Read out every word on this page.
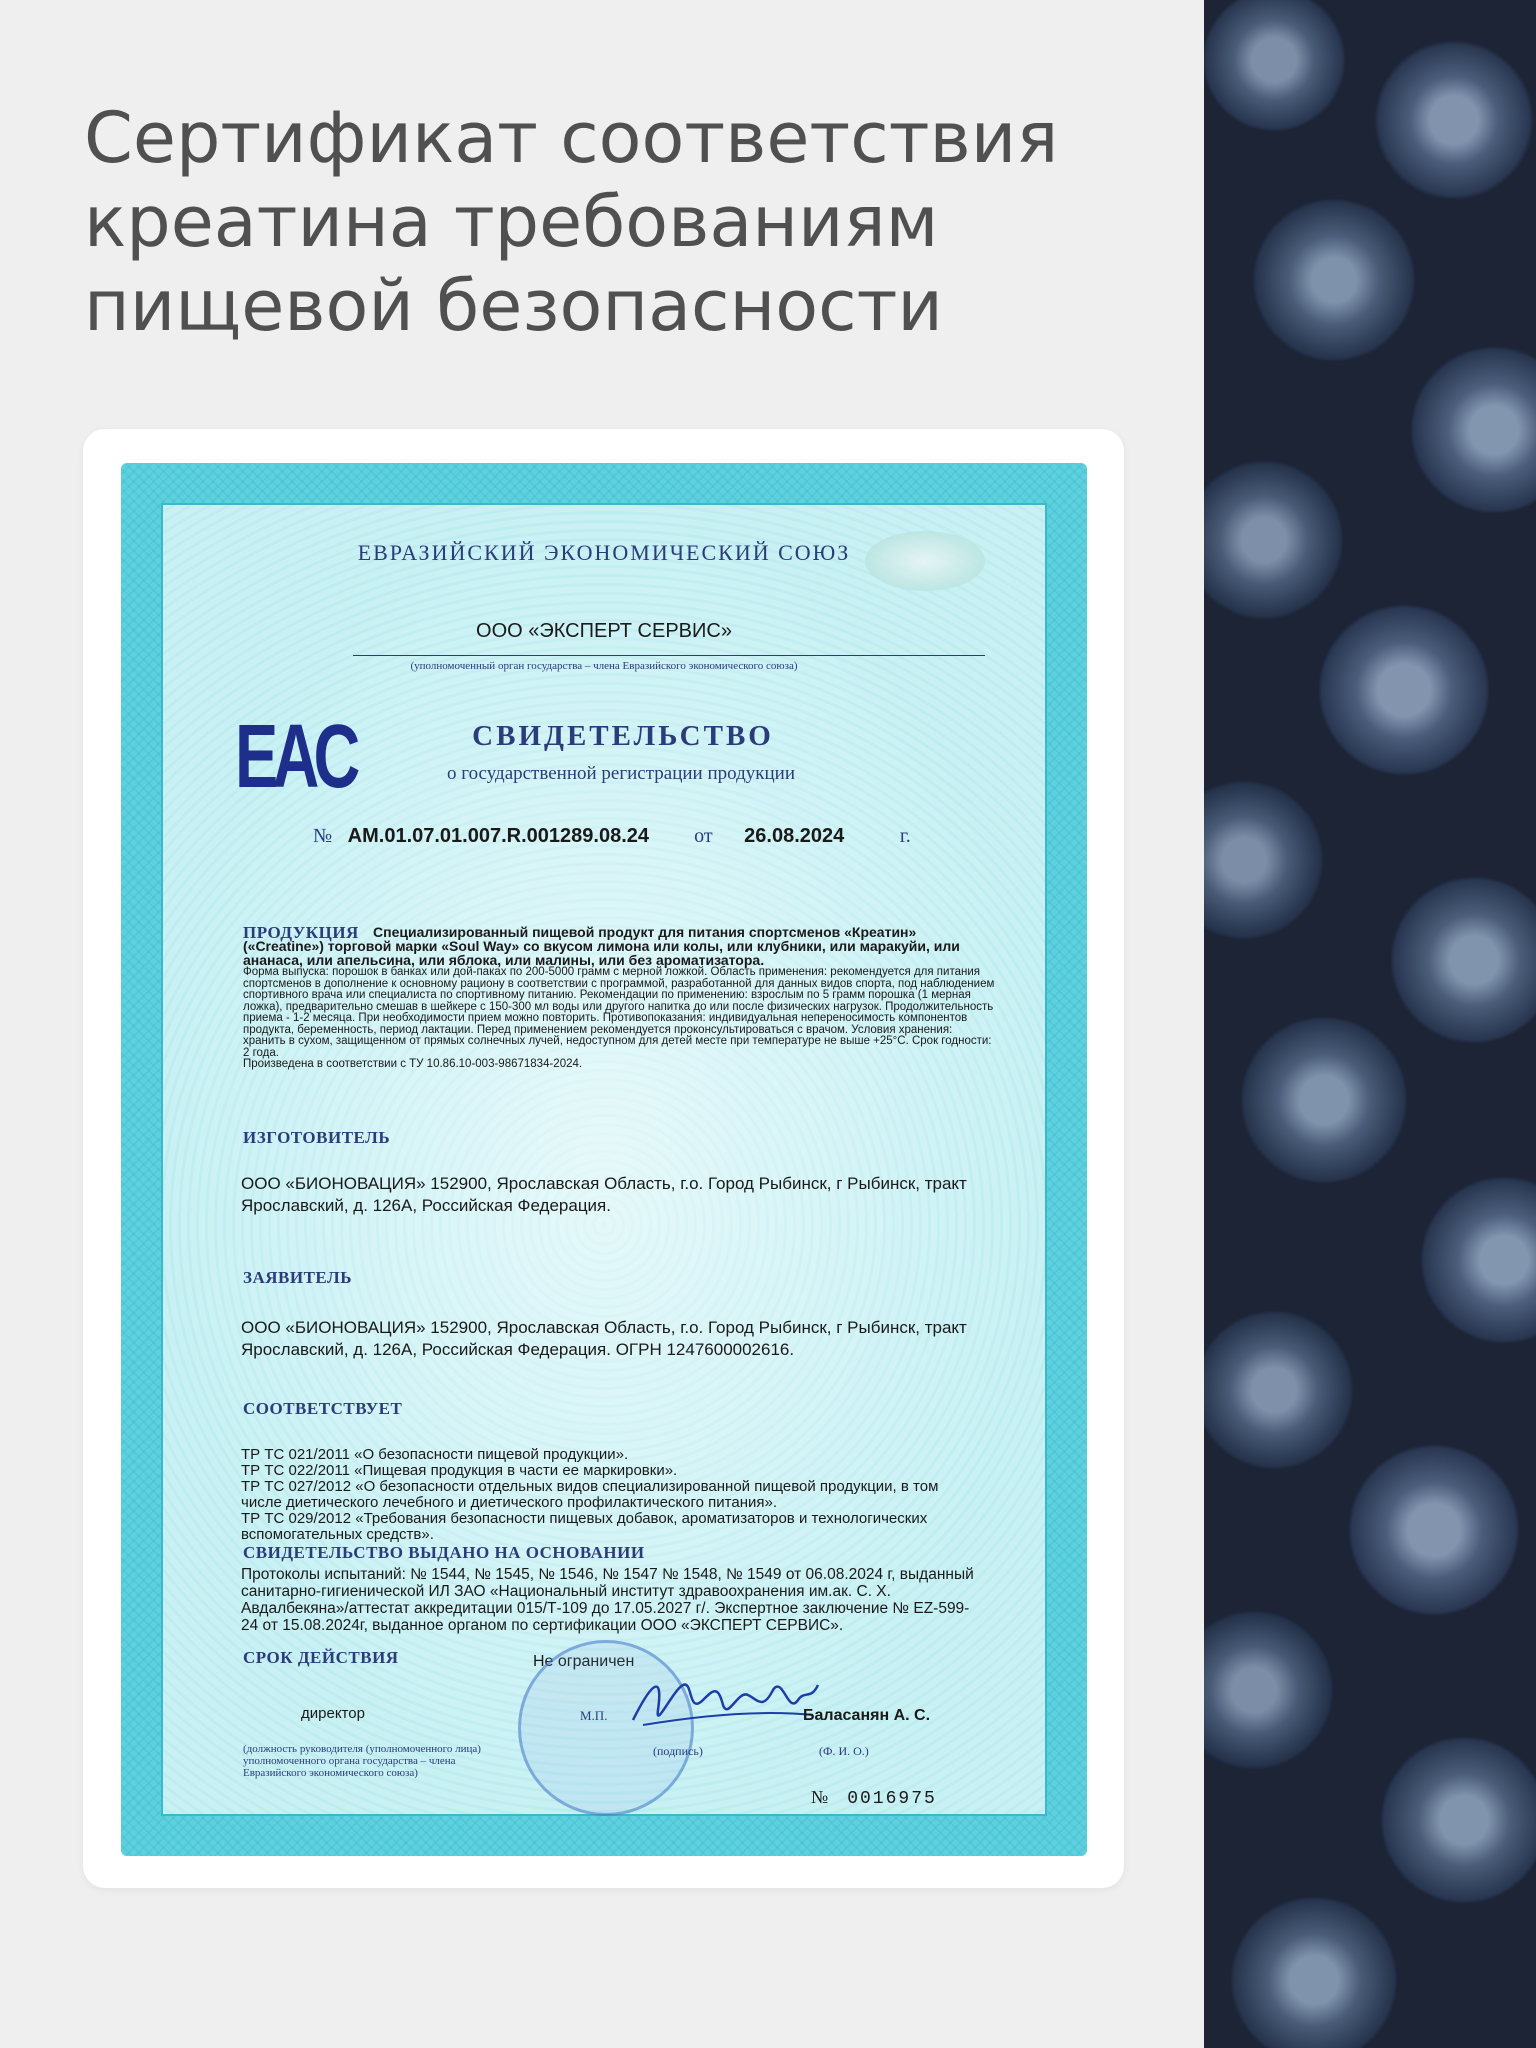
Сертификат соответствия креатина требованиям пищевой безопасности
ЕВРАЗИЙСКИЙ ЭКОНОМИЧЕСКИЙ СОЮЗ
ООО «ЭКСПЕРТ СЕРВИС»
(уполномоченный орган государства – члена Евразийского экономического союза)
EAC	СВИДЕТЕЛЬСТВО
о государственной регистрации продукции
№ AM.01.07.01.007.R.001289.08.24 от 26.08.2024	г.
ПРОДУКЦИЯ	Специализированный пищевой продукт для питания спортсменов «Креатин» («Creatine») торговой марки «Soul Way» со вкусом лимона или колы, или клубники, или маракуйи, или ананаса, или апельсина, или яблока, или малины, или без ароматизатора.
Форма выпуска: порошок в банках или дой-паках по 200-5000 грамм с мерной ложкой. Область применения: рекомендуется для питания спортсменов в дополнение к основному рациону в соответствии с программой, разработанной для данных видов спорта, под наблюдением спортивного врача или специалиста по спортивному питанию. Рекомендации по применению: взрослым по 5 грамм порошка (1 мерная ложка), предварительно смешав в шейкере с 150-300 мл воды или другого напитка до или после физических нагрузок. Продолжительность приема - 1-2 месяца. При необходимости прием можно повторить. Противопоказания: индивидуальная непереносимость компонентов продукта, беременность, период лактации. Перед применением рекомендуется проконсультироваться с врачом. Условия хранения: хранить в сухом, защищенном от прямых солнечных лучей, недоступном для детей месте при температуре не выше +25°С. Срок годности: 2 года.
Произведена в соответствии с ТУ 10.86.10-003-98671834-2024.
ИЗГОТОВИТЕЛЬ
ООО «БИОНОВАЦИЯ» 152900, Ярославская Область, г.о. Город Рыбинск, г Рыбинск, тракт Ярославский, д. 126А, Российская Федерация.
ЗАЯВИТЕЛЬ
ООО «БИОНОВАЦИЯ» 152900, Ярославская Область, г.о. Город Рыбинск, г Рыбинск, тракт Ярославский, д. 126А, Российская Федерация. ОГРН 1247600002616.
СООТВЕТСТВУЕТ
ТР ТС 021/2011 «О безопасности пищевой продукции».
ТР ТС 022/2011 «Пищевая продукция в части ее маркировки».
ТР ТС 027/2012 «О безопасности отдельных видов специализированной пищевой продукции, в том числе диетического лечебного и диетического профилактического питания».
ТР ТС 029/2012 «Требования безопасности пищевых добавок, ароматизаторов и технологических вспомогательных средств».
СВИДЕТЕЛЬСТВО ВЫДАНО НА ОСНОВАНИИ
Протоколы испытаний: № 1544, № 1545, № 1546, № 1547 № 1548, № 1549 от 06.08.2024 г, выданный санитарно-гигиенической ИЛ ЗАО «Национальный институт здравоохранения им.ак. С. Х. Авдалбекяна»/аттестат аккредитации 015/Т-109 до 17.05.2027 г/. Экспертное заключение № EZ-599-24 от 15.08.2024г, выданное органом по сертификации ООО «ЭКСПЕРТ СЕРВИС».
СРОК ДЕЙСТВИЯ	Не ограничен
директор
(должность руководителя (уполномоченного лица) уполномоченного органа государства – члена Евразийского экономического союза)
М.П.
(подпись)
Баласанян А. С.
(Ф. И. О.)
№ 0016975
